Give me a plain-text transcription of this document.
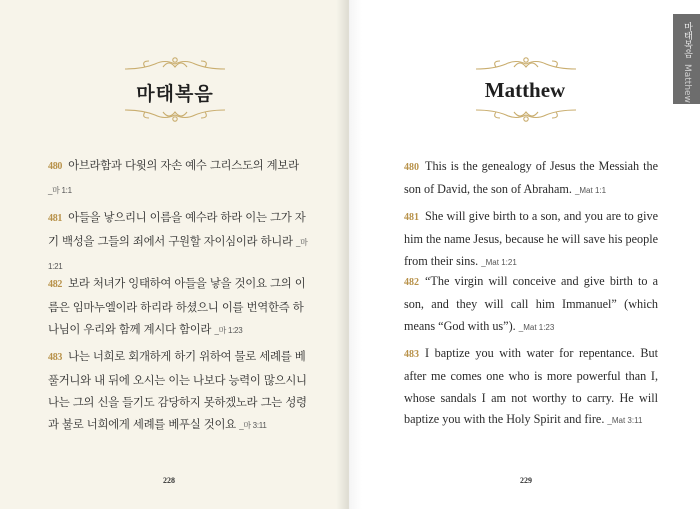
마태복음	Matthew
480 아브라함과 다윗의 자손 예수 그리스도의 계보라
_마 1:1
481 아들을 낳으리니 이름을 예수라 하라 이는 그가 자기 백성을 그들의 죄에서 구원할 자이심이라 하니라 _마 1:21
482 보라 처녀가 잉태하여 아들을 낳을 것이요 그의 이름은 임마누엘이라 하리라 하셨으니 이를 번역한즉 하나님이 우리와 함께 계시다 함이라 _마 1:23
483 나는 너희로 회개하게 하기 위하여 물로 세례를 베풀거니와 내 뒤에 오시는 이는 나보다 능력이 많으시니 나는 그의 신을 들기도 감당하지 못하겠노라 그는 성령과 불로 너희에게 세례를 베푸실 것이요 _마 3:11
480 This is the genealogy of Jesus the Messiah the son of David, the son of Abraham. _Mat 1:1
481 She will give birth to a son, and you are to give him the name Jesus, because he will save his people from their sins. _Mat 1:21
482 “The virgin will conceive and give birth to a son, and they will call him Immanuel” (which means “God with us”). _Mat 1:23
483 I baptize you with water for repentance. But after me comes one who is more powerful than I, whose sandals I am not worthy to carry. He will baptize you with the Holy Spirit and fire. _Mat 3:11
228	229
마태복음 Matthew
